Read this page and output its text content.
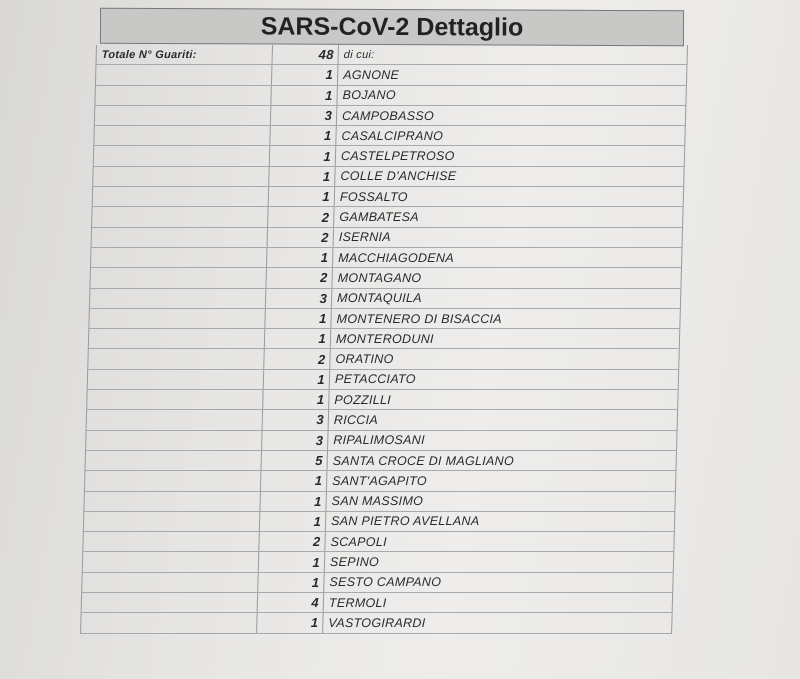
SARS-CoV-2 Dettaglio
Totale N° Guariti:	48 di cui:
1 AGNONE
1 BOJANO
3 CAMPOBASSO
1 CASALCIPRANO
1 CASTELPETROSO
1 COLLE D'ANCHISE
1 FOSSALTO
2 GAMBATESA
2 ISERNIA
1 MACCHIAGODENA
2 MONTAGANO
3 MONTAQUILA
1 MONTENERO DI BISACCIA
1 MONTERODUNI
2 ORATINO
1 PETACCIATO
1 POZZILLI
3 RICCIA
3 RIPALIMOSANI
5 SANTA CROCE DI MAGLIANO
1 SANT'AGAPITO
1 SAN MASSIMO
1 SAN PIETRO AVELLANA
2 SCAPOLI
1 SEPINO
1 SESTO CAMPANO
4 TERMOLI
1 VASTOGIRARDI
